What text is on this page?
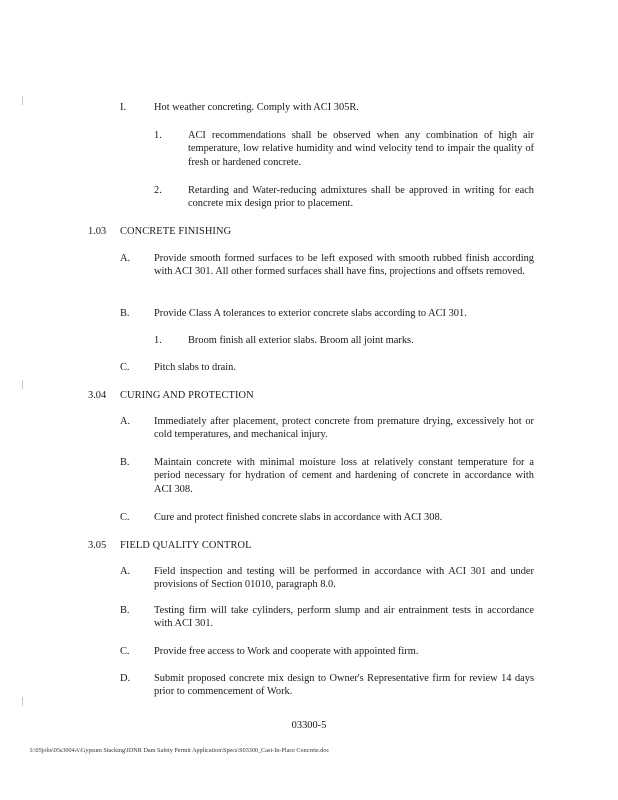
I.	Hot weather concreting. Comply with ACI 305R.
1.	ACI recommendations shall be observed when any combination of high air temperature, low relative humidity and wind velocity tend to impair the quality of fresh or hardened concrete.
2.	Retarding and Water-reducing admixtures shall be approved in writing for each concrete mix design prior to placement.
1.03 CONCRETE FINISHING
A. Provide smooth formed surfaces to be left exposed with smooth rubbed finish according with ACI 301. All other formed surfaces shall have fins, projections and offsets removed.
B. Provide Class A tolerances to exterior concrete slabs according to ACI 301.
1.	Broom finish all exterior slabs. Broom all joint marks.
C. Pitch slabs to drain.
3.04 CURING AND PROTECTION
A. Immediately after placement, protect concrete from premature drying, excessively hot or cold temperatures, and mechanical injury.
B. Maintain concrete with minimal moisture loss at relatively constant temperature for a period necessary for hydration of cement and hardening of concrete in accordance with ACI 308.
C. Cure and protect finished concrete slabs in accordance with ACI 308.
3.05 FIELD QUALITY CONTROL
A. Field inspection and testing will be performed in accordance with ACI 301 and under provisions of Section 01010, paragraph 8.0.
B. Testing firm will take cylinders, perform slump and air entrainment tests in accordance with ACI 301.
C. Provide free access to Work and cooperate with appointed firm.
D. Submit proposed concrete mix design to Owner's Representative firm for review 14 days prior to commencement of Work.
03300-5
I:\05jobs\05s3004A\Gypsum Stacking\IDNR Dam Safety Permit Application\Specs\S03300_Cast-In-Place Concrete.doc
